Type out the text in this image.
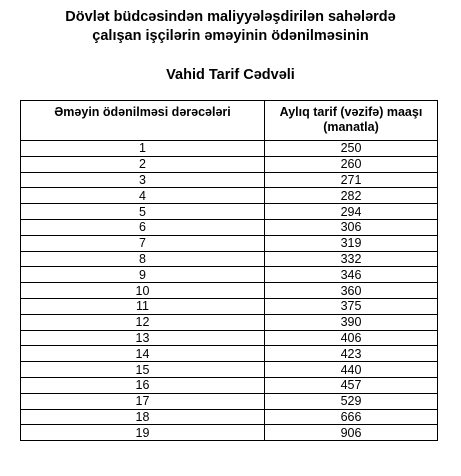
Dövlət büdcəsindən maliyyələşdirilən sahələrdə
çalışan işçilərin əməyinin ödənilməsinin
Vahid Tarif Cədvəli
Əməyin ödənilməsi dərəcələri	Aylıq tarif (vəzifə) maaşı (manatla)
1	250
2	260
3	271
4	282
5	294
6	306
7	319
8	332
9	346
10	360
11	375
12	390
13	406
14	423
15	440
16	457
17	529
18	666
19	906
